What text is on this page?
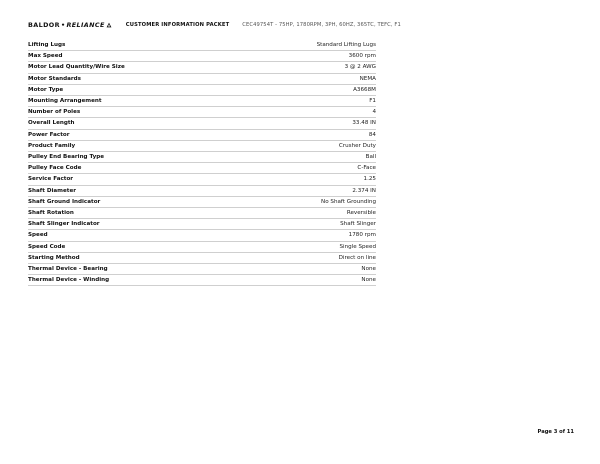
BALDOR • RELIANCE	CUSTOMER INFORMATION PACKET	CEC49754T - 75HP, 1780RPM, 3PH, 60HZ, 365TC, TEFC, F1
Lifting Lugs	Standard Lifting Lugs
Max Speed	3600 rpm
Motor Lead Quantity/Wire Size	3 @ 2 AWG
Motor Standards	NEMA
Motor Type	A3668M
Mounting Arrangement	F1
Number of Poles	4
Overall Length	33.48 IN
Power Factor	84
Product Family	Crusher Duty
Pulley End Bearing Type	Ball
Pulley Face Code	C-Face
Service Factor	1.25
Shaft Diameter	2.374 IN
Shaft Ground Indicator	No Shaft Grounding
Shaft Rotation	Reversible
Shaft Slinger Indicator	Shaft Slinger
Speed	1780 rpm
Speed Code	Single Speed
Starting Method	Direct on line
Thermal Device - Bearing	None
Thermal Device - Winding	None
Page 3 of 11
